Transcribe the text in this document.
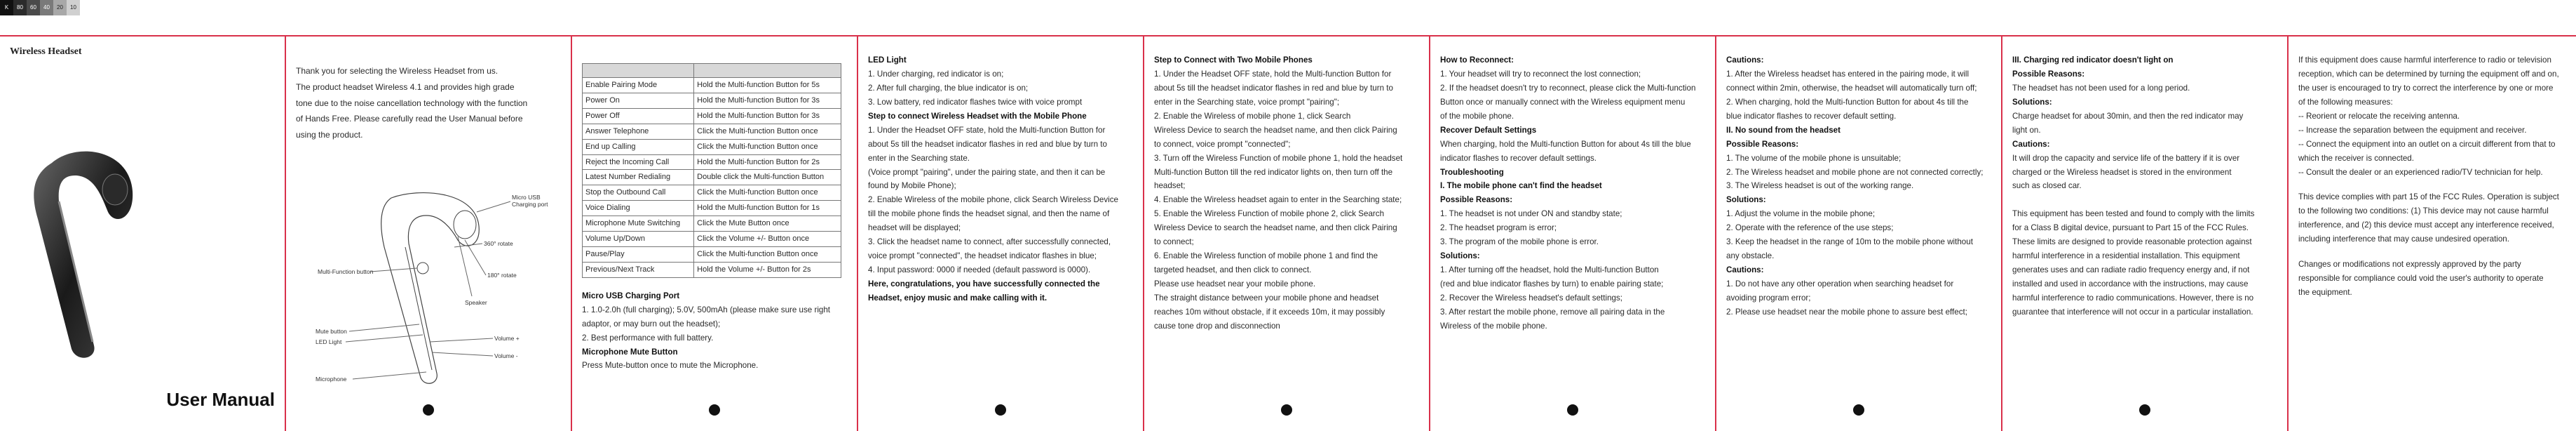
K	80	60	40	20	10
Wireless Headset
User Manual
Thank you for selecting the Wireless Headset from us.
The product headset Wireless 4.1 and provides high grade
tone due to the noise cancellation technology with the function
of Hands Free. Please carefully read the User Manual before
using the product.
Micro USB
Charging port
360° rotate
180° rotate
Speaker
Multi-Function button
Mute button
LED Light
Microphone
Volume +
Volume -

Enable Pairing Mode	Hold the Multi-function Button for 5s
Power On	Hold the Multi-function Button for 3s
Power Off	Hold the Multi-function Button for 3s
Answer Telephone	Click the Multi-function Button once
End up Calling	Click the Multi-function Button once
Reject the Incoming Call	Hold the Multi-function Button for 2s
Latest Number Redialing	Double click the Multi-function Button
Stop the Outbound Call	Click the Multi-function Button once
Voice Dialing	Hold the Multi-function Button for 1s
Microphone Mute Switching	Click the Mute Button once
Volume Up/Down	Click the Volume +/- Button once
Pause/Play	Click the Multi-function Button once
Previous/Next Track	Hold the Volume +/- Button for 2s
Micro USB Charging Port
1. 1.0-2.0h (full charging); 5.0V, 500mAh (please make sure use right
adaptor, or may burn out the headset);
2. Best performance with full battery.
Microphone Mute Button
Press Mute-button once to mute the Microphone.
LED Light
1. Under charging, red indicator is on;
2. After full charging, the blue indicator is on;
3. Low battery, red indicator flashes twice with voice prompt
Step to connect Wireless Headset with the Mobile Phone
1. Under the Headset OFF state, hold the Multi-function Button for
about 5s till the headset indicator flashes in red and blue by turn to
enter in the Searching state.
(Voice prompt "pairing", under the pairing state, and then it can be
found by Mobile Phone);
2. Enable Wireless of the mobile phone, click Search Wireless Device
till the mobile phone finds the headset signal, and then the name of
headset will be displayed;
3. Click the headset name to connect, after successfully connected,
voice prompt "connected", the headset indicator flashes in blue;
4. Input password: 0000 if needed (default password is 0000).
Here, congratulations, you have successfully connected the Headset, enjoy music and make calling with it.
Step to Connect with Two Mobile Phones
1. Under the Headset OFF state, hold the Multi-function Button for
about 5s till the headset indicator flashes in red and blue by turn to
enter in the Searching state, voice prompt "pairing";
2. Enable the Wireless of mobile phone 1, click Search
Wireless Device to search the headset name, and then click Pairing
to connect, voice prompt "connected";
3. Turn off the Wireless Function of mobile phone 1, hold the headset
Multi-function Button till the red indicator lights on, then turn off the
headset;
4. Enable the Wireless headset again to enter in the Searching state;
5. Enable the Wireless Function of mobile phone 2, click Search
Wireless Device to search the headset name, and then click Pairing
to connect;
6. Enable the Wireless function of mobile phone 1 and find the
targeted headset, and then click to connect.
Please use headset near your mobile phone.
The straight distance between your mobile phone and headset
reaches 10m without obstacle, if it exceeds 10m, it may possibly
cause tone drop and disconnection
How to Reconnect:
1. Your headset will try to reconnect the lost connection;
2. If the headset doesn't try to reconnect, please click the Multi-function
Button once or manually connect with the Wireless equipment menu
of the mobile phone.
Recover Default Settings
When charging, hold the Multi-function Button for about 4s till the blue
indicator flashes to recover default settings.
Troubleshooting
I. The mobile phone can't find the headset
Possible Reasons:
1. The headset is not under ON and standby state;
2. The headset program is error;
3. The program of the mobile phone is error.
Solutions:
1. After turning off the headset, hold the Multi-function Button
(red and blue indicator flashes by turn) to enable pairing state;
2. Recover the Wireless headset's default settings;
3. After restart the mobile phone, remove all pairing data in the
Wireless of the mobile phone.
Cautions:
1. After the Wireless headset has entered in the pairing mode, it will
connect within 2min, otherwise, the headset will automatically turn off;
2. When charging, hold the Multi-function Button for about 4s till the
blue indicator flashes to recover default setting.
II. No sound from the headset
Possible Reasons:
1. The volume of the mobile phone is unsuitable;
2. The Wireless headset and mobile phone are not connected correctly;
3. The Wireless headset is out of the working range.
Solutions:
1. Adjust the volume in the mobile phone;
2. Operate with the reference of the use steps;
3. Keep the headset in the range of 10m to the mobile phone without
any obstacle.
Cautions:
1. Do not have any other operation when searching headset for
avoiding program error;
2. Please use headset near the mobile phone to assure best effect;
III. Charging red indicator doesn't light on
Possible Reasons:
The headset has not been used for a long period.
Solutions:
Charge headset for about 30min, and then the red indicator may
light on.
Cautions:
It will drop the capacity and service life of the battery if it is over
charged or the Wireless headset is stored in the environment
such as closed car.
This equipment has been tested and found to comply with the limits
for a Class B digital device, pursuant to Part 15 of the FCC Rules.
These limits are designed to provide reasonable protection against
harmful interference in a residential installation. This equipment
generates uses and can radiate radio frequency energy and, if not
installed and used in accordance with the instructions, may cause
harmful interference to radio communications. However, there is no
guarantee that interference will not occur in a particular installation.
If this equipment does cause harmful interference to radio or television
reception, which can be determined by turning the equipment off and on,
the user is encouraged to try to correct the interference by one or more
of the following measures:
-- Reorient or relocate the receiving antenna.
-- Increase the separation between the equipment and receiver.
-- Connect the equipment into an outlet on a circuit different from that to
which the receiver is connected.
-- Consult the dealer or an experienced radio/TV technician for help.
This device complies with part 15 of the FCC Rules. Operation is subject
to the following two conditions: (1) This device may not cause harmful
interference, and (2) this device must accept any interference received,
including interference that may cause undesired operation.
Changes or modifications not expressly approved by the party
responsible for compliance could void the user's authority to operate
the equipment.
